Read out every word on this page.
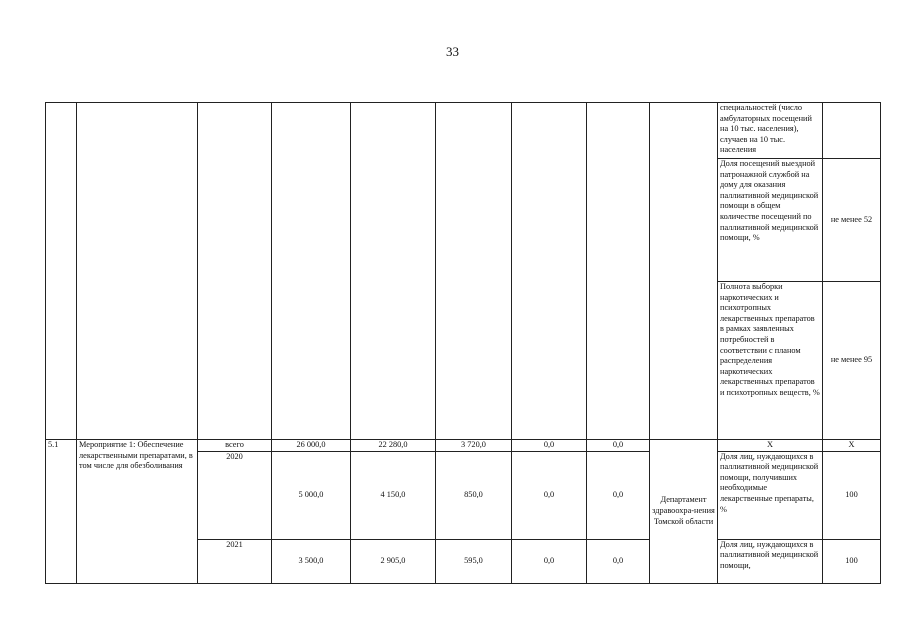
33
									специальностей (число амбулаторных посещений на 10 тыс. населения), случаев на 10 тыс. населения	
									Доля посещений выездной патронажной службой на дому для оказания паллиативной медицинской помощи в общем количестве посещений по паллиативной медицинской помощи, %	не менее 52
									Полнота выборки наркотических и психотропных лекарственных препаратов в рамках заявленных потребностей в соответствии с планом распределения наркотических лекарственных препаратов и психотропных веществ, %	не менее 95
5.1	Мероприятие 1: Обеспечение лекарственными препаратами, в том числе для обезболивания	всего	26 000,0	22 280,0	3 720,0	0,0	0,0	Департамент здравоохра-нения Томской области	Х	Х
		2020	5 000,0	4 150,0	850,0	0,0	0,0		Доля лиц, нуждающихся в паллиативной медицинской помощи, получивших необходимые лекарственные препараты, %	100
		2021	3 500,0	2 905,0	595,0	0,0	0,0		Доля лиц, нуждающихся в паллиативной медицинской помощи,	100
